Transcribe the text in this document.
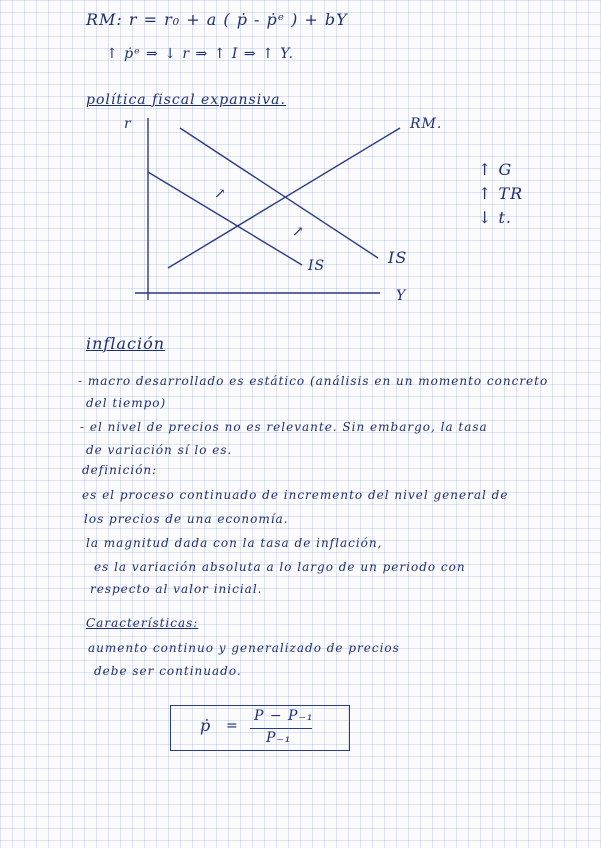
RM: r = r₀ + a ( ṗ - ṗᵉ ) + bY
↑ ṗᵉ ⇒ ↓ r ⇒ ↑ I ⇒ ↑ Y.
política fiscal expansiva.
r
Y
RM.
IS
IS
↗
↗
↑ G
↑ TR
↓ t.
inflación
- macro desarrollado es estático (análisis en un momento concreto
del tiempo)
- el nivel de precios no es relevante. Sin embargo, la tasa
de variación sí lo es.
definición:
es el proceso continuado de incremento del nivel general de
los precios de una economía.
la magnitud dada con la tasa de inflación,
es la variación absoluta a lo largo de un periodo con
respecto al valor inicial.
Características:
aumento continuo y generalizado de precios
debe ser continuado.
ṗ =
P − P₋₁
P₋₁
